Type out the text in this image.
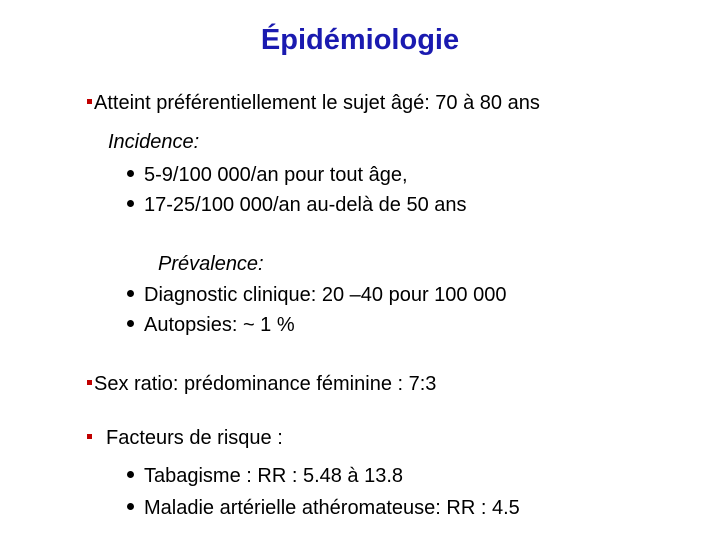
Épidémiologie
Atteint préférentiellement le sujet âgé: 70 à 80 ans
Incidence:
5-9/100 000/an pour tout âge,
17-25/100 000/an au-delà de 50 ans
Prévalence:
Diagnostic clinique: 20 –40 pour 100 000
Autopsies: ~ 1 %
Sex ratio: prédominance féminine : 7:3
Facteurs de risque :
Tabagisme : RR : 5.48 à 13.8
Maladie artérielle athéromateuse: RR : 4.5
